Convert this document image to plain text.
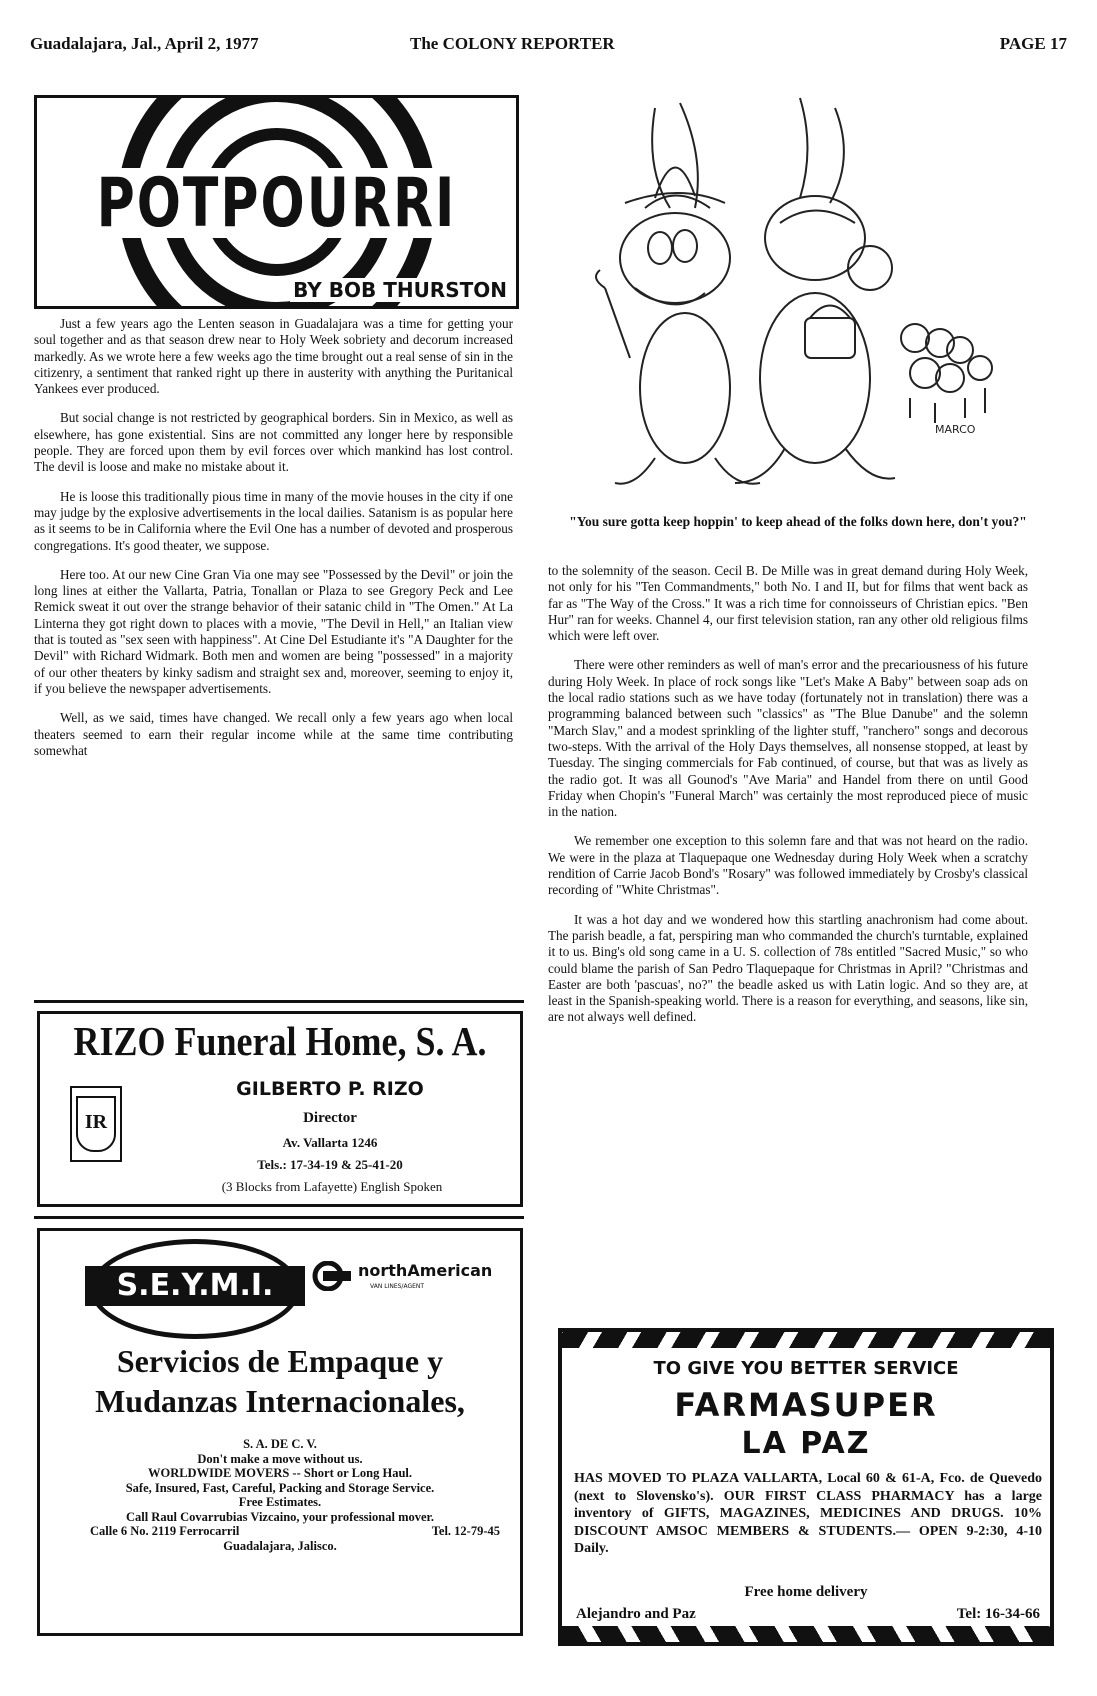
Guadalajara, Jal., April 2, 1977	The COLONY REPORTER	PAGE 17
POTPOURRI
BY BOB THURSTON

Just a few years ago the Lenten season in Guadalajara was a time for getting your soul together and as that season drew near to Holy Week sobriety and decorum increased markedly. As we wrote here a few weeks ago the time brought out a real sense of sin in the citizenry, a sentiment that ranked right up there in austerity with anything the Puritanical Yankees ever produced.

But social change is not restricted by geographical borders. Sin in Mexico, as well as elsewhere, has gone existential. Sins are not committed any longer here by responsible people. They are forced upon them by evil forces over which mankind has lost control. The devil is loose and make no mistake about it.

He is loose this traditionally pious time in many of the movie houses in the city if one may judge by the explosive advertisements in the local dailies. Satanism is as popular here as it seems to be in California where the Evil One has a number of devoted and prosperous congregations. It's good theater, we suppose.

Here too. At our new Cine Gran Via one may see "Possessed by the Devil" or join the long lines at either the Vallarta, Patria, Tonallan or Plaza to see Gregory Peck and Lee Remick sweat it out over the strange behavior of their satanic child in "The Omen." At La Linterna they got right down to places with a movie, "The Devil in Hell," an Italian view that is touted as "sex seen with happiness". At Cine Del Estudiante it's "A Daughter for the Devil" with Richard Widmark. Both men and women are being "possessed" in a majority of our other theaters by kinky sadism and straight sex and, moreover, seeming to enjoy it, if you believe the newspaper advertisements.

Well, as we said, times have changed. We recall only a few years ago when local theaters seemed to earn their regular income while at the same time contributing somewhat

MARCO
"You sure gotta keep hoppin' to keep ahead of the folks down here, don't you?"

to the solemnity of the season. Cecil B. De Mille was in great demand during Holy Week, not only for his "Ten Commandments," both No. I and II, but for films that went back as far as "The Way of the Cross." It was a rich time for connoisseurs of Christian epics. "Ben Hur" ran for weeks. Channel 4, our first television station, ran any other old religious films which were left over.

There were other reminders as well of man's error and the precariousness of his future during Holy Week. In place of rock songs like "Let's Make A Baby" between soap ads on the local radio stations such as we have today (fortunately not in translation) there was a programming balanced between such "classics" as "The Blue Danube" and the solemn "March Slav," and a modest sprinkling of the lighter stuff, "ranchero" songs and decorous two-steps. With the arrival of the Holy Days themselves, all nonsense stopped, at least by Tuesday. The singing commercials for Fab continued, of course, but that was as lively as the radio got. It was all Gounod's "Ave Maria" and Handel from there on until Good Friday when Chopin's "Funeral March" was certainly the most reproduced piece of music in the nation.

We remember one exception to this solemn fare and that was not heard on the radio. We were in the plaza at Tlaquepaque one Wednesday during Holy Week when a scratchy rendition of Carrie Jacob Bond's "Rosary" was followed immediately by Crosby's classical recording of "White Christmas".

It was a hot day and we wondered how this startling anachronism had come about. The parish beadle, a fat, perspiring man who commanded the church's turntable, explained it to us. Bing's old song came in a U. S. collection of 78s entitled "Sacred Music," so who could blame the parish of San Pedro Tlaquepaque for Christmas in April? "Christmas and Easter are both 'pascuas', no?" the beadle asked us with Latin logic. And so they are, at least in the Spanish-speaking world. There is a reason for everything, and seasons, like sin, are not always well defined.

RIZO Funeral Home, S. A.
IR
GILBERTO P. RIZO
Director
Av. Vallarta 1246
Tels.: 17-34-19 & 25-41-20
(3 Blocks from Lafayette) English Spoken
S.E.Y.M.I.	northAmerican
VAN LINES/AGENT
Servicios de Empaque y
Mudanzas Internacionales,
S. A. DE C. V.
Don't make a move without us.
WORLDWIDE MOVERS -- Short or Long Haul.
Safe, Insured, Fast, Careful, Packing and Storage Service.
Free Estimates.
Call Raul Covarrubias Vizcaino, your professional mover.
Calle 6 No. 2119 Ferrocarril	Tel. 12-79-45
Guadalajara, Jalisco.
TO GIVE YOU BETTER SERVICE
FARMASUPER
LA PAZ
HAS MOVED TO PLAZA VALLARTA, Local 60 & 61-A, Fco. de Quevedo (next to Slovensko's). OUR FIRST CLASS PHARMACY has a large inventory of GIFTS, MAGAZINES, MEDICINES AND DRUGS. 10% DISCOUNT AMSOC MEMBERS & STUDENTS.— OPEN 9-2:30, 4-10 Daily.
Free home delivery
Alejandro and Paz	Tel: 16-34-66
